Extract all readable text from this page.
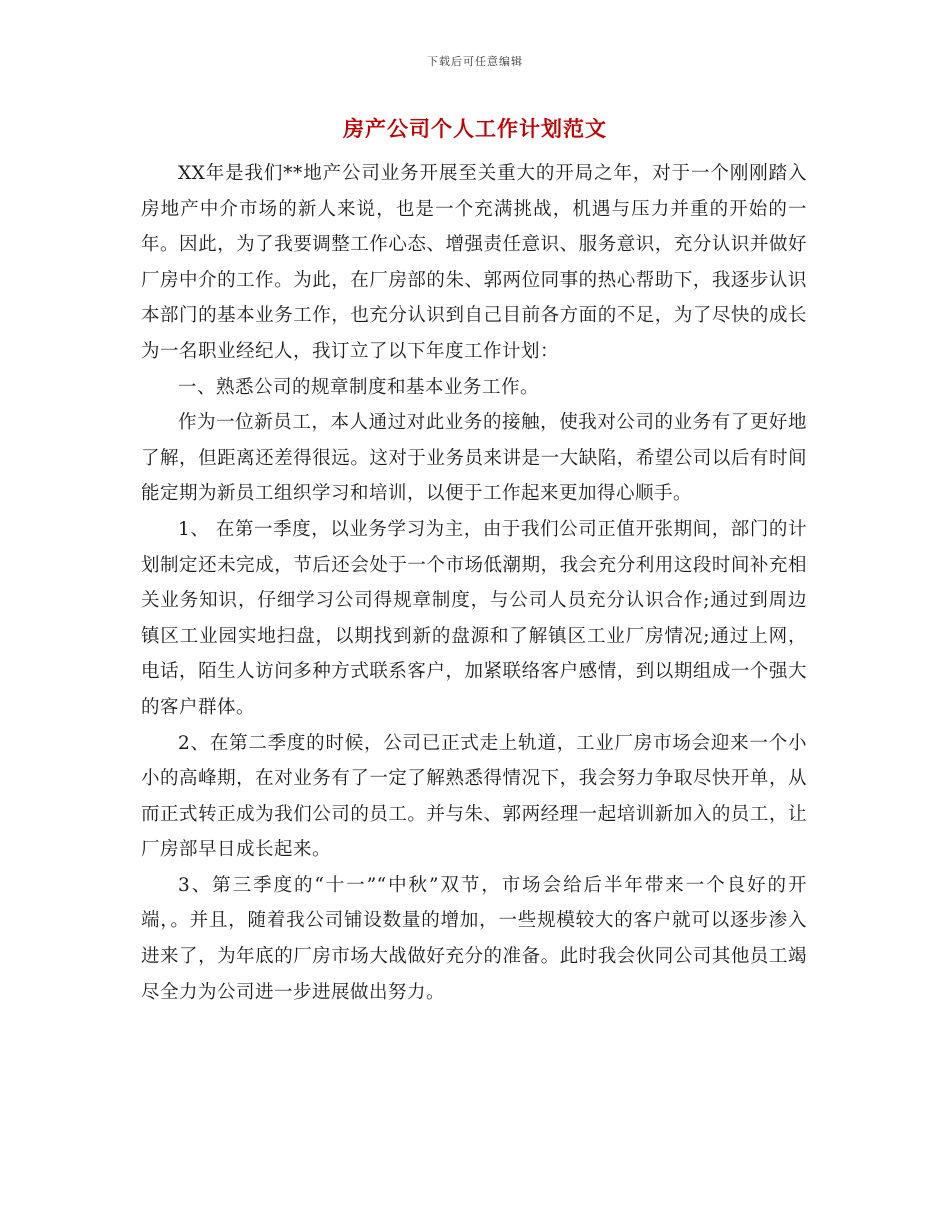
下载后可任意编辑
房产公司个人工作计划范文

XX年是我们**地产公司业务开展至关重大的开局之年，对于一个刚刚踏入房地产中介市场的新人来说，也是一个充满挑战，机遇与压力并重的开始的一年。因此，为了我要调整工作心态、增强责任意识、服务意识，充分认识并做好厂房中介的工作。为此，在厂房部的朱、郭两位同事的热心帮助下，我逐步认识本部门的基本业务工作，也充分认识到自己目前各方面的不足，为了尽快的成长为一名职业经纪人，我订立了以下年度工作计划：

一、熟悉公司的规章制度和基本业务工作。

作为一位新员工，本人通过对此业务的接触，使我对公司的业务有了更好地了解，但距离还差得很远。这对于业务员来讲是一大缺陷，希望公司以后有时间能定期为新员工组织学习和培训，以便于工作起来更加得心顺手。

1、 在第一季度，以业务学习为主，由于我们公司正值开张期间，部门的计划制定还未完成，节后还会处于一个市场低潮期，我会充分利用这段时间补充相关业务知识，仔细学习公司得规章制度，与公司人员充分认识合作;通过到周边镇区工业园实地扫盘，以期找到新的盘源和了解镇区工业厂房情况;通过上网，电话，陌生人访问多种方式联系客户，加紧联络客户感情，到以期组成一个强大的客户群体。

2、在第二季度的时候，公司已正式走上轨道，工业厂房市场会迎来一个小小的高峰期，在对业务有了一定了解熟悉得情况下，我会努力争取尽快开单，从而正式转正成为我们公司的员工。并与朱、郭两经理一起培训新加入的员工，让厂房部早日成长起来。

3、第三季度的“十一”“中秋”双节，市场会给后半年带来一个良好的开端，。并且，随着我公司铺设数量的增加，一些规模较大的客户就可以逐步渗入进来了，为年底的厂房市场大战做好充分的准备。此时我会伙同公司其他员工竭尽全力为公司进一步进展做出努力。
